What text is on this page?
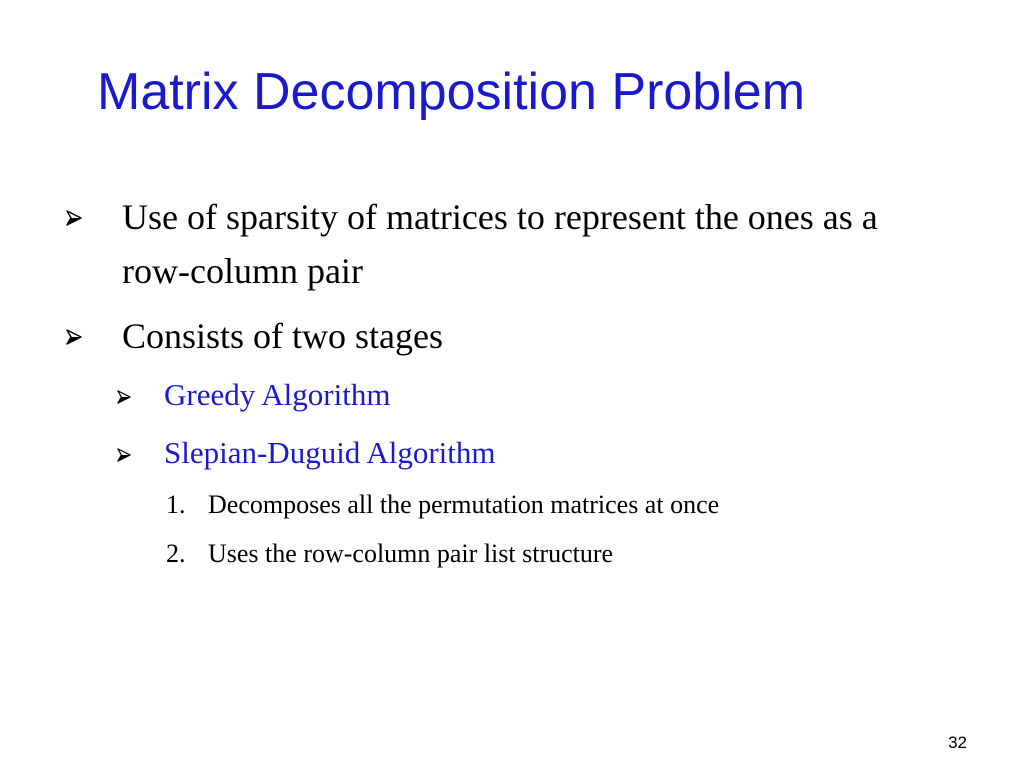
Matrix Decomposition Problem
Use of sparsity of matrices to represent the ones as a row-column pair
Consists of two stages
Greedy Algorithm
Slepian-Duguid Algorithm
1. Decomposes all the permutation matrices at once
2. Uses the row-column pair list structure
32
